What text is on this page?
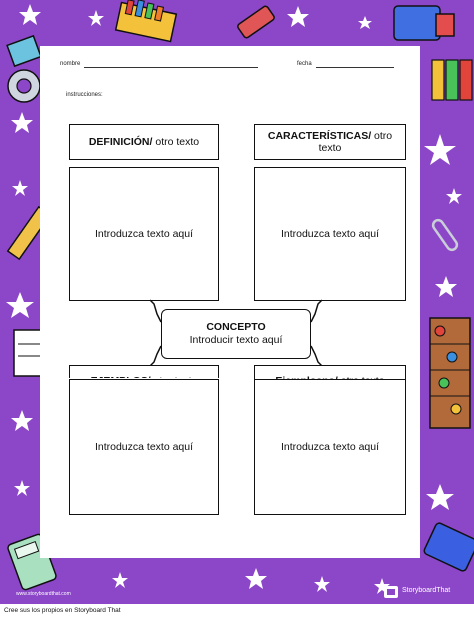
nombre	fecha
instrucciones:
DEFINICIÓN/ otro texto
Introduzca texto aquí
CARACTERÍSTICAS/ otro texto
Introduzca texto aquí
CONCEPTO
Introducir texto aquí
Introduzca texto aquí	Introduzca texto aquí
www.storyboardthat.com	StoryboardThat
Cree sus los propios en Storyboard That
